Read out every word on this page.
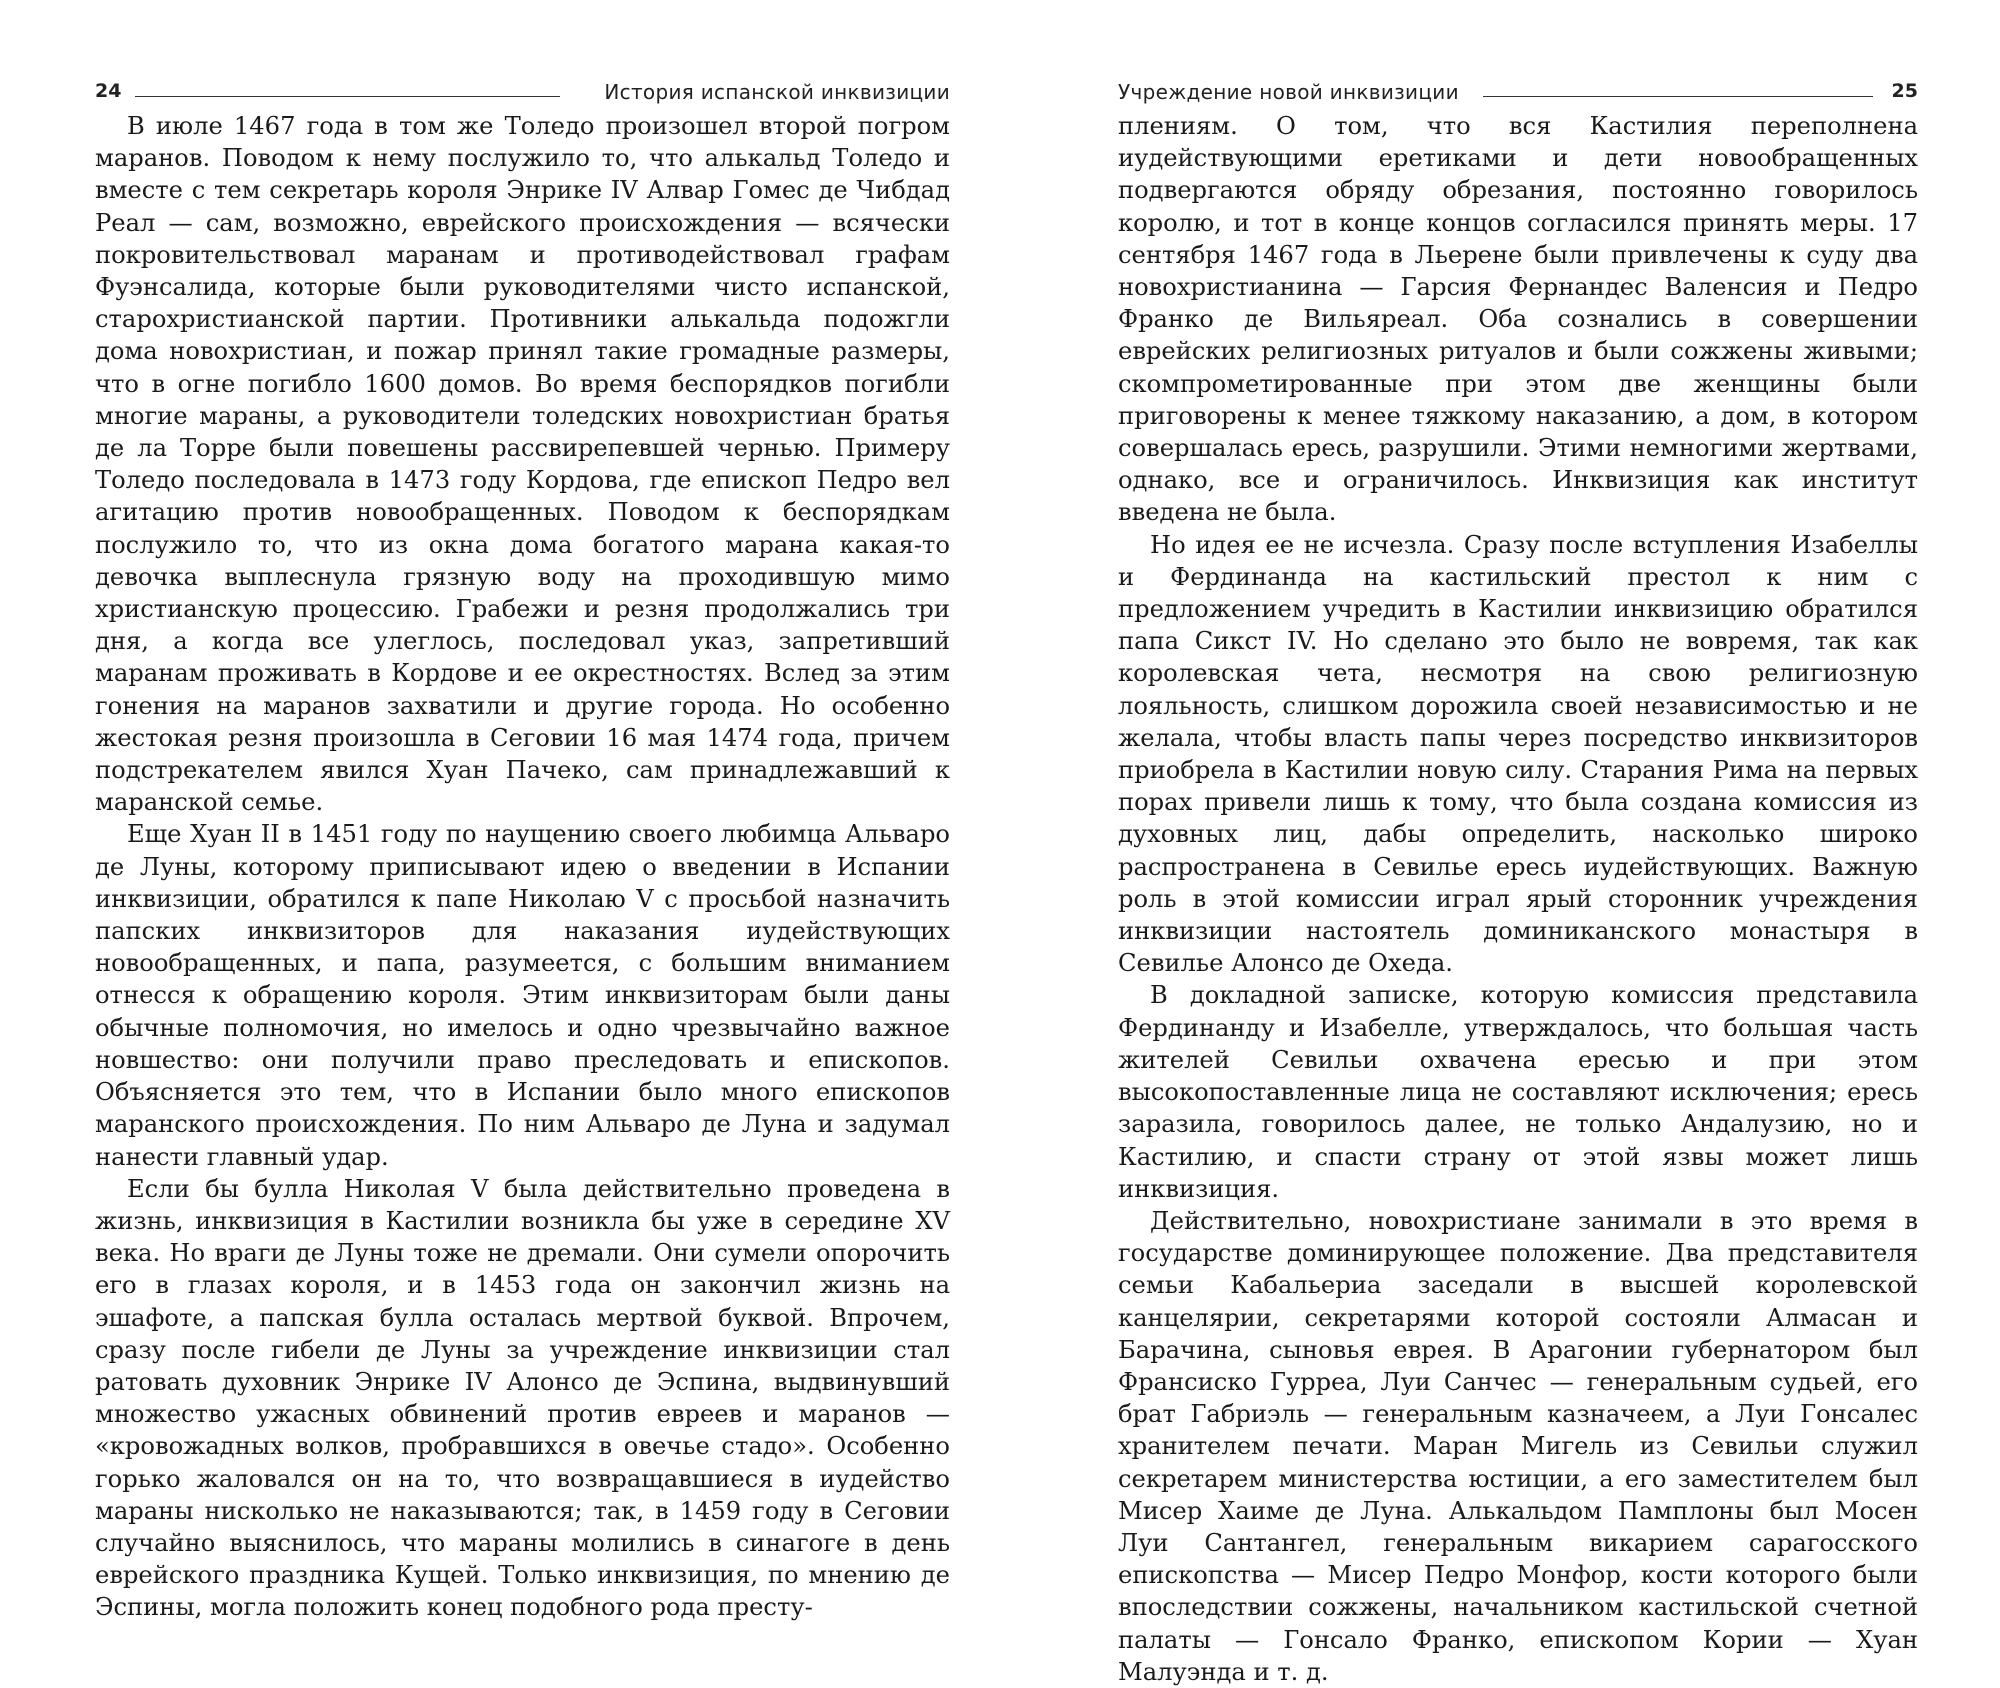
24	История испанской инквизиции

В июле 1467 года в том же Толедо произошел второй погром маранов. Поводом к нему послужило то, что алькальд Толедо и вместе с тем секретарь короля Энрике IV Алвар Гомес де Чибдад Реал — сам, возможно, еврейского происхождения — всячески покровительствовал маранам и противодействовал графам Фуэнсалида, которые были руководителями чисто испанской, старохристианской партии. Противники алькальда подожгли дома новохристиан, и пожар принял такие громадные размеры, что в огне погибло 1600 домов. Во время беспорядков погибли многие мараны, а руководители толедских новохристиан братья де ла Торре были повешены рассвирепевшей чернью. Примеру Толедо последовала в 1473 году Кордова, где епископ Педро вел агитацию против новообращенных. Поводом к беспорядкам послужило то, что из окна дома богатого марана какая-то девочка выплеснула грязную воду на проходившую мимо христианскую процессию. Грабежи и резня продолжались три дня, а когда все улеглось, последовал указ, запретивший маранам проживать в Кордове и ее окрестностях. Вслед за этим гонения на маранов захватили и другие города. Но особенно жестокая резня произошла в Сеговии 16 мая 1474 года, причем подстрекателем явился Хуан Пачеко, сам принадлежавший к маранской семье.

Еще Хуан II в 1451 году по наущению своего любимца Альваро де Луны, которому приписывают идею о введении в Испании инквизиции, обратился к папе Николаю V с просьбой назначить папских инквизиторов для наказания иудействующих новообращенных, и папа, разумеется, с большим вниманием отнесся к обращению короля. Этим инквизиторам были даны обычные полномочия, но имелось и одно чрезвычайно важное новшество: они получили право преследовать и епископов. Объясняется это тем, что в Испании было много епископов маранского происхождения. По ним Альваро де Луна и задумал нанести главный удар.

Если бы булла Николая V была действительно проведена в жизнь, инквизиция в Кастилии возникла бы уже в середине XV века. Но враги де Луны тоже не дремали. Они сумели опорочить его в глазах короля, и в 1453 года он закончил жизнь на эшафоте, а папская булла осталась мертвой буквой. Впрочем, сразу после гибели де Луны за учреждение инквизиции стал ратовать духовник Энрике IV Алонсо де Эспина, выдвинувший множество ужасных обвинений против евреев и маранов — «кровожадных волков, пробравшихся в овечье стадо». Особенно горько жаловался он на то, что возвращавшиеся в иудейство мараны нисколько не наказываются; так, в 1459 году в Сеговии случайно выяснилось, что мараны молились в синагоге в день еврейского праздника Кущей. Только инквизиция, по мнению де Эспины, могла положить конец подобного рода престу-

Учреждение новой инквизиции	25

плениям. О том, что вся Кастилия переполнена иудействующими еретиками и дети новообращенных подвергаются обряду обрезания, постоянно говорилось королю, и тот в конце концов согласился принять меры. 17 сентября 1467 года в Льерене были привлечены к суду два новохристианина — Гарсия Фернандес Валенсия и Педро Франко де Вильяреал. Оба сознались в совершении еврейских религиозных ритуалов и были сожжены живыми; скомпрометированные при этом две женщины были приговорены к менее тяжкому наказанию, а дом, в котором совершалась ересь, разрушили. Этими немногими жертвами, однако, все и ограничилось. Инквизиция как институт введена не была.

Но идея ее не исчезла. Сразу после вступления Изабеллы и Фердинанда на кастильский престол к ним с предложением учредить в Кастилии инквизицию обратился папа Сикст IV. Но сделано это было не вовремя, так как королевская чета, несмотря на свою религиозную лояльность, слишком дорожила своей независимостью и не желала, чтобы власть папы через посредство инквизиторов приобрела в Кастилии новую силу. Старания Рима на первых порах привели лишь к тому, что была создана комиссия из духовных лиц, дабы определить, насколько широко распространена в Севилье ересь иудействующих. Важную роль в этой комиссии играл ярый сторонник учреждения инквизиции настоятель доминиканского монастыря в Севилье Алонсо де Охеда.

В докладной записке, которую комиссия представила Фердинанду и Изабелле, утверждалось, что большая часть жителей Севильи охвачена ересью и при этом высокопоставленные лица не составляют исключения; ересь заразила, говорилось далее, не только Андалузию, но и Кастилию, и спасти страну от этой язвы может лишь инквизиция.

Действительно, новохристиане занимали в это время в государстве доминирующее положение. Два представителя семьи Кабальериа заседали в высшей королевской канцелярии, секретарями которой состояли Алмасан и Барачина, сыновья еврея. В Арагонии губернатором был Франсиско Гурреа, Луи Санчес — генеральным судьей, его брат Габриэль — генеральным казначеем, а Луи Гонсалес хранителем печати. Маран Мигель из Севильи служил секретарем министерства юстиции, а его заместителем был Мисер Хаиме де Луна. Алькальдом Памплоны был Мосен Луи Сантангел, генеральным викарием сарагосского епископства — Мисер Педро Монфор, кости которого были впоследствии сожжены, начальником кастильской счетной палаты — Гонсало Франко, епископом Кории — Хуан Малуэнда и т. д.
